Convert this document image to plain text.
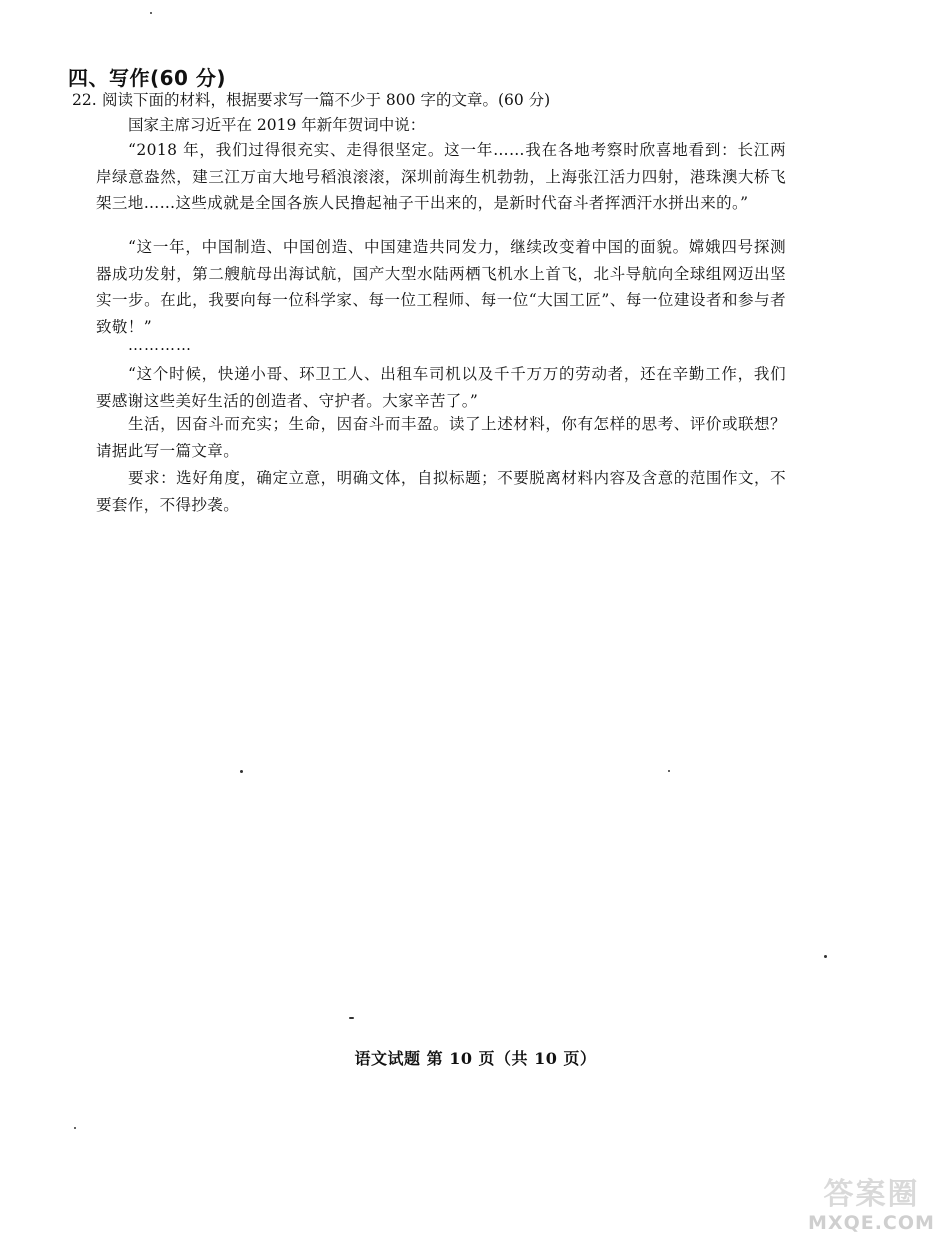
四、写作(60 分)
22. 阅读下面的材料，根据要求写一篇不少于 800 字的文章。(60 分)
国家主席习近平在 2019 年新年贺词中说：
“2018 年，我们过得很充实、走得很坚定。这一年……我在各地考察时欣喜地看到：长江两岸绿意盎然，建三江万亩大地号稻浪滚滚，深圳前海生机勃勃，上海张江活力四射，港珠澳大桥飞架三地……这些成就是全国各族人民撸起袖子干出来的，是新时代奋斗者挥洒汗水拼出来的。”
“这一年，中国制造、中国创造、中国建造共同发力，继续改变着中国的面貌。嫦娥四号探测器成功发射，第二艘航母出海试航，国产大型水陆两栖飞机水上首飞，北斗导航向全球组网迈出坚实一步。在此，我要向每一位科学家、每一位工程师、每一位“大国工匠”、每一位建设者和参与者致敬！”
…………
“这个时候，快递小哥、环卫工人、出租车司机以及千千万万的劳动者，还在辛勤工作，我们要感谢这些美好生活的创造者、守护者。大家辛苦了。”
生活，因奋斗而充实；生命，因奋斗而丰盈。读了上述材料，你有怎样的思考、评价或联想？请据此写一篇文章。
要求：选好角度，确定立意，明确文体，自拟标题；不要脱离材料内容及含意的范围作文，不要套作，不得抄袭。
语文试题 第 10 页（共 10 页）
答案圈
MXQE.COM
